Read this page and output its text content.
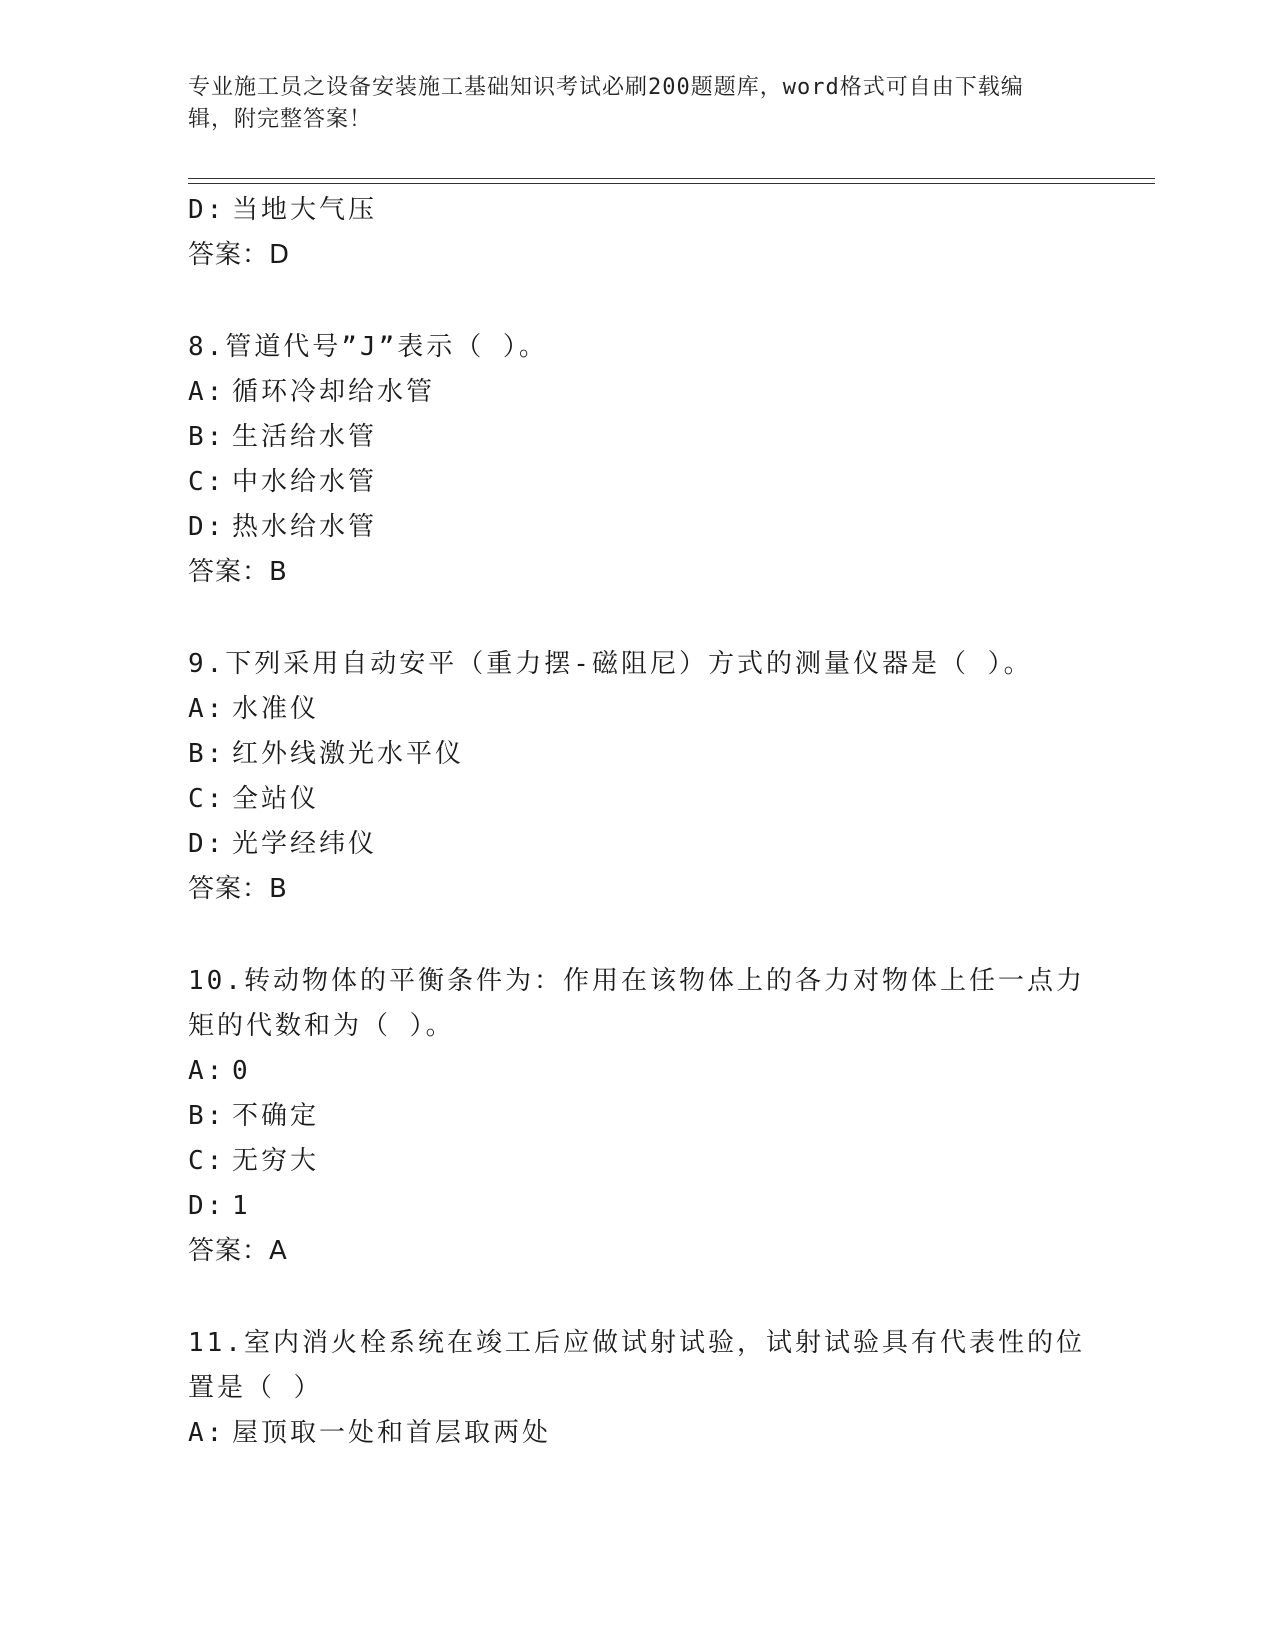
专业施工员之设备安装施工基础知识考试必刷200题题库，word格式可自由下载编辑，附完整答案！
D: 当地大气压
答案：D
8.管道代号”J”表示（ ）。
A: 循环冷却给水管
B: 生活给水管
C: 中水给水管
D: 热水给水管
答案：B
9.下列采用自动安平（重力摆-磁阻尼）方式的测量仪器是（ ）。
A: 水准仪
B: 红外线激光水平仪
C: 全站仪
D: 光学经纬仪
答案：B
10.转动物体的平衡条件为：作用在该物体上的各力对物体上任一点力矩的代数和为（ ）。
A: 0
B: 不确定
C: 无穷大
D: 1
答案：A
11.室内消火栓系统在竣工后应做试射试验，试射试验具有代表性的位置是（ ）
A: 屋顶取一处和首层取两处
